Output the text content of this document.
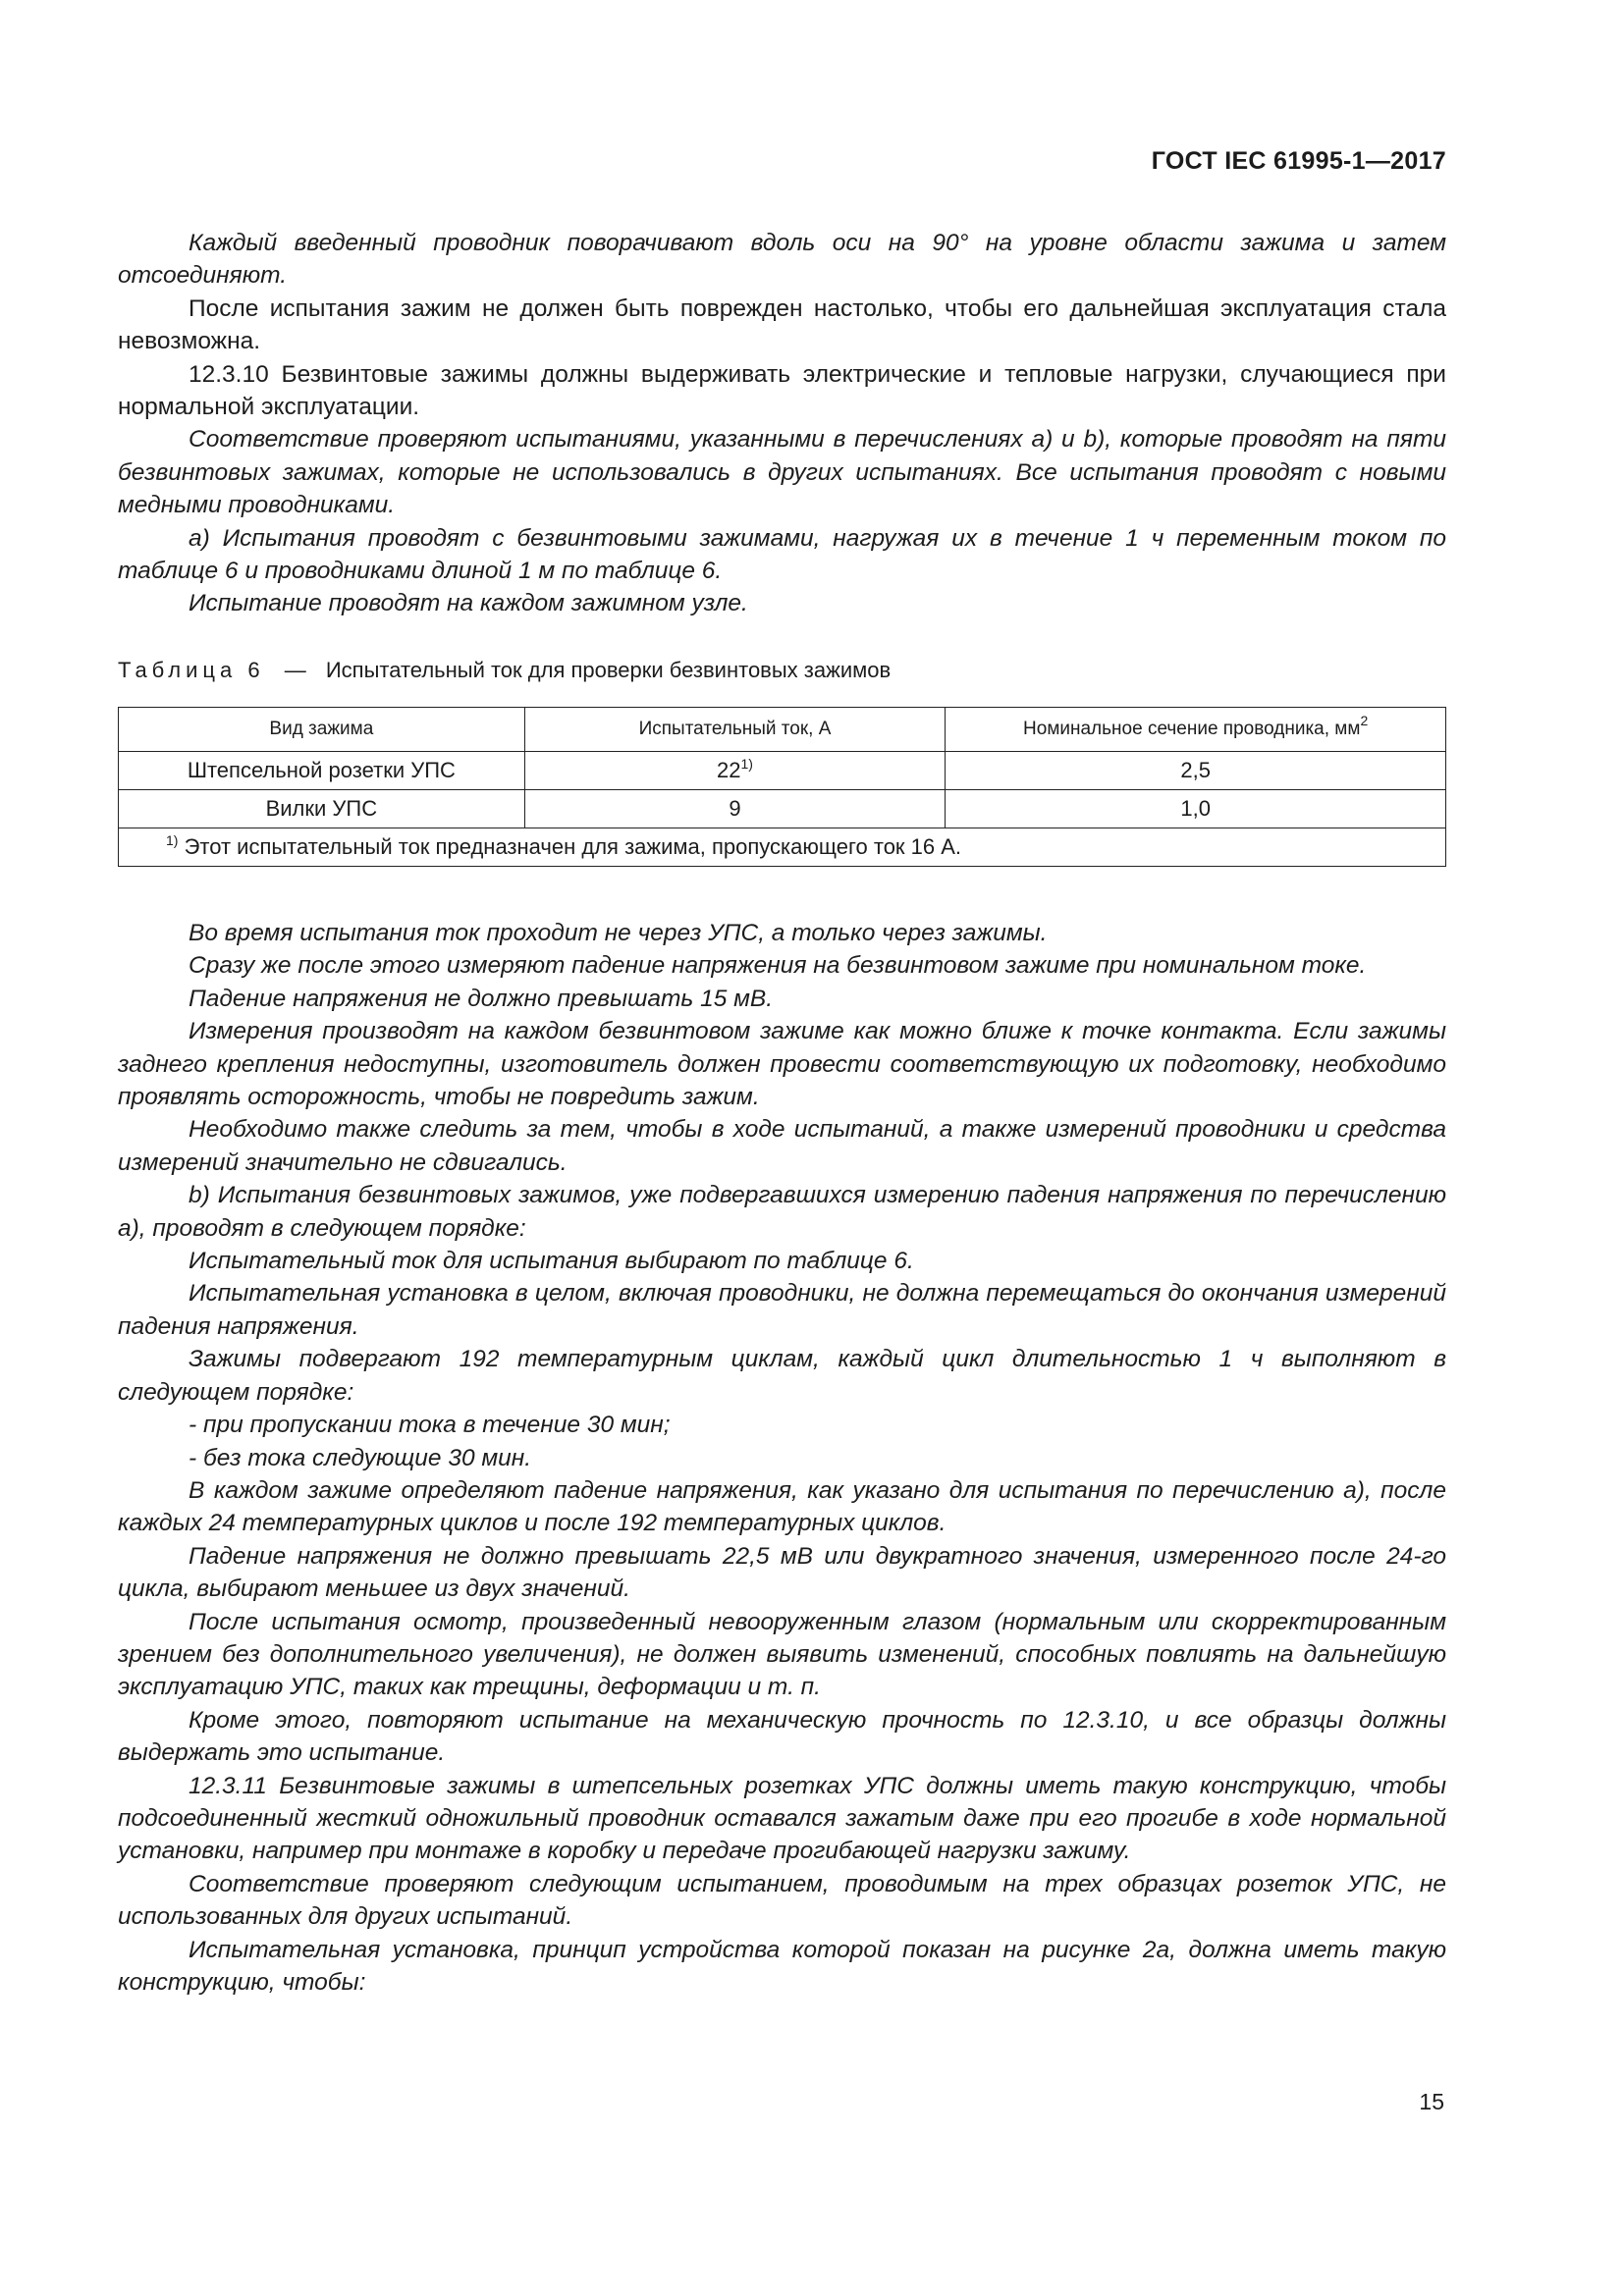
ГОСТ IEC 61995-1—2017

Каждый введенный проводник поворачивают вдоль оси на 90° на уровне области зажима и затем отсоединяют.

После испытания зажим не должен быть поврежден настолько, чтобы его дальнейшая эксплуатация стала невозможна.

12.3.10 Безвинтовые зажимы должны выдерживать электрические и тепловые нагрузки, случающиеся при нормальной эксплуатации.

Соответствие проверяют испытаниями, указанными в перечислениях а) и b), которые проводят на пяти безвинтовых зажимах, которые не использовались в других испытаниях. Все испытания проводят с новыми медными проводниками.

а) Испытания проводят с безвинтовыми зажимами, нагружая их в течение 1 ч переменным током по таблице 6 и проводниками длиной 1 м по таблице 6.

Испытание проводят на каждом зажимном узле.

Таблица 6 — Испытательный ток для проверки безвинтовых зажимов
Вид зажима	Испытательный ток, А	Номинальное сечение проводника, $мм^2$
Штепсельной розетки УПС	22$^{1)}$	2,5
Вилки УПС	9	1,0
$^{1)}$ Этот испытательный ток предназначен для зажима, пропускающего ток 16 А.		

Во время испытания ток проходит не через УПС, а только через зажимы.

Сразу же после этого измеряют падение напряжения на безвинтовом зажиме при номинальном токе.

Падение напряжения не должно превышать 15 мВ.

Измерения производят на каждом безвинтовом зажиме как можно ближе к точке контакта. Если зажимы заднего крепления недоступны, изготовитель должен провести соответствующую их подготовку, необходимо проявлять осторожность, чтобы не повредить зажим.

Необходимо также следить за тем, чтобы в ходе испытаний, а также измерений проводники и средства измерений значительно не сдвигались.

b) Испытания безвинтовых зажимов, уже подвергавшихся измерению падения напряжения по перечислению а), проводят в следующем порядке:

Испытательный ток для испытания выбирают по таблице 6.

Испытательная установка в целом, включая проводники, не должна перемещаться до окончания измерений падения напряжения.

Зажимы подвергают 192 температурным циклам, каждый цикл длительностью 1 ч выполняют в следующем порядке:

- при пропускании тока в течение 30 мин;

- без тока следующие 30 мин.

В каждом зажиме определяют падение напряжения, как указано для испытания по перечислению а), после каждых 24 температурных циклов и после 192 температурных циклов.

Падение напряжения не должно превышать 22,5 мВ или двукратного значения, измеренного после 24-го цикла, выбирают меньшее из двух значений.

После испытания осмотр, произведенный невооруженным глазом (нормальным или скорректированным зрением без дополнительного увеличения), не должен выявить изменений, способных повлиять на дальнейшую эксплуатацию УПС, таких как трещины, деформации и т. п.

Кроме этого, повторяют испытание на механическую прочность по 12.3.10, и все образцы должны выдержать это испытание.

12.3.11 Безвинтовые зажимы в штепсельных розетках УПС должны иметь такую конструкцию, чтобы подсоединенный жесткий одножильный проводник оставался зажатым даже при его прогибе в ходе нормальной установки, например при монтаже в коробку и передаче прогибающей нагрузки зажиму.

Соответствие проверяют следующим испытанием, проводимым на трех образцах розеток УПС, не использованных для других испытаний.

Испытательная установка, принцип устройства которой показан на рисунке 2а, должна иметь такую конструкцию, чтобы:

15
